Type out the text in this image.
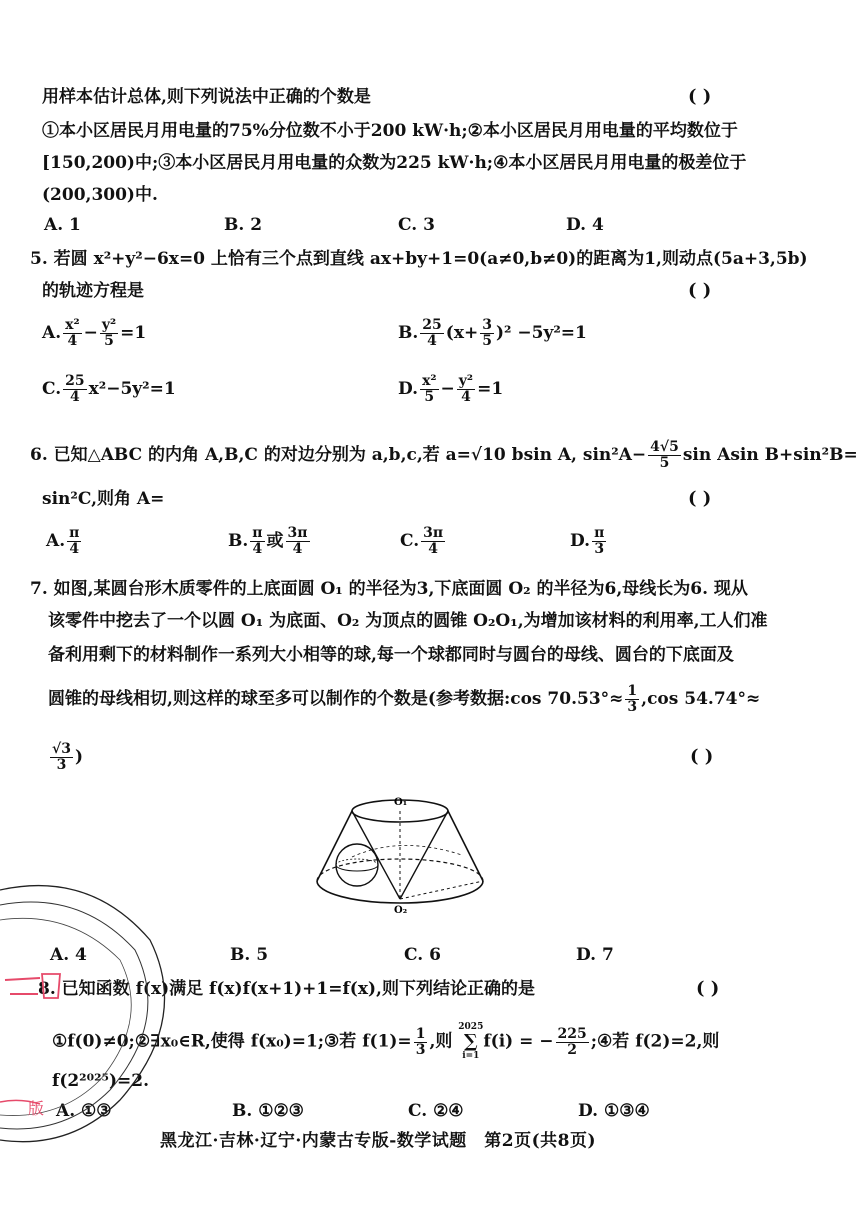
用样本估计总体,则下列说法中正确的个数是	( )
①本小区居民月用电量的75%分位数不小于200 kW·h;②本小区居民月用电量的平均数位于
[150,200)中;③本小区居民月用电量的众数为225 kW·h;④本小区居民月用电量的极差位于
(200,300)中.
A. 1	B. 2	C. 3	D. 4
5. 若圆 x²+y²−6x=0 上恰有三个点到直线 ax+by+1=0(a≠0,b≠0)的距离为1,则动点(5a+3,5b)
的轨迹方程是	( )
A. $\frac{\text{x²}}{4} - \frac{\text{y²}}{5} =1$	B. $\frac{25}{4} (x+ \frac{3}{5} )^2 -5y^2=1$
C. $\frac{25}{4} x^2-5y^2=1$	D. $\frac{\text{x²}}{5} - \frac{\text{y²}}{4} =1$
6. 已知△ABC 的内角 A,B,C 的对边分别为 a,b,c,若 a=√10 bsin A, $\sin^2A- \frac{4√5}{5}$ sin Asin B+sin²B=
sin²C,则角 A=	( )
A. $\frac{\pi}{4}$	B. $\frac{\pi}{4}$ 或 $\frac{3\pi}{4}$	C. $\frac{3\pi}{4}$	D. $\frac{\pi}{3}$
7. 如图,某圆台形木质零件的上底面圆 O₁ 的半径为3,下底面圆 O₂ 的半径为6,母线长为6. 现从
该零件中挖去了一个以圆 O₁ 为底面、O₂ 为顶点的圆锥 O₂O₁,为增加该材料的利用率,工人们准
备利用剩下的材料制作一系列大小相等的球,每一个球都同时与圆台的母线、圆台的下底面及
圆锥的母线相切,则这样的球至多可以制作的个数是(参考数据:cos $70.53^\circ\approx \frac{1}{3} ,\cos$ 54.74°≈
$\frac{√3}{3}$ )	( )
O₁
O₂
A. 4	B. 5	C. 6	D. 7
8. 已知函数 f(x)满足 f(x)f(x+1)+1=f(x),则下列结论正确的是	( )
①f(0)≠0;②∃x₀∈R,使得 f(x₀)=1;③若 $f(1)= \frac{1}{3}$ ,则
2025
∑
i=1
f(i) = − $\frac{225}{2}$ ;④若 f(2)=2,则
f(2²⁰²⁵)=2.
A. ①③	B. ①②③	C. ②④	D. ①③④
黑龙江·吉林·辽宁·内蒙古专版-数学试题　第2页(共8页)
版
